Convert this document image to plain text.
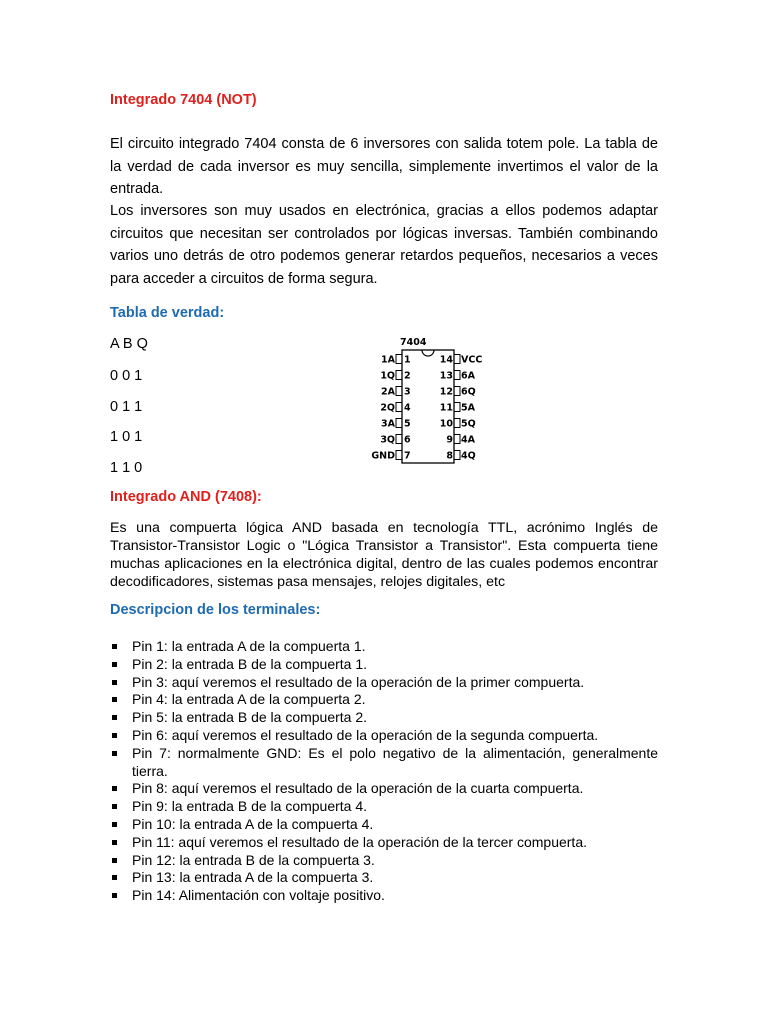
Integrado 7404 (NOT)
El circuito integrado 7404 consta de 6 inversores con salida totem pole. La tabla de la verdad de cada inversor es muy sencilla, simplemente invertimos el valor de la entrada.
Los inversores son muy usados en electrónica, gracias a ellos podemos adaptar circuitos que necesitan ser controlados por lógicas inversas. También combinando varios uno detrás de otro podemos generar retardos pequeños, necesarios a veces para acceder a circuitos de forma segura.
Tabla de verdad:
A B Q
0 0 1
0 1 1
1 0 1
1 1 0
7404
1A 1
1Q 2
2A 3
2Q 4
3A 5
3Q 6
GND 7
14 VCC
13 6A
12 6Q
11 5A
10 5Q
9 4A
8 4Q
Integrado AND (7408):
Es una compuerta lógica AND basada en tecnología TTL, acrónimo Inglés de Transistor-Transistor Logic o "Lógica Transistor a Transistor". Esta compuerta tiene muchas aplicaciones en la electrónica digital, dentro de las cuales podemos encontrar decodificadores, sistemas pasa mensajes, relojes digitales, etc
Descripcion de los terminales:
Pin 1: la entrada A de la compuerta 1.
Pin 2: la entrada B de la compuerta 1.
Pin 3: aquí veremos el resultado de la operación de la primer compuerta.
Pin 4: la entrada A de la compuerta 2.
Pin 5: la entrada B de la compuerta 2.
Pin 6: aquí veremos el resultado de la operación de la segunda compuerta.
Pin 7: normalmente GND: Es el polo negativo de la alimentación, generalmente tierra.
Pin 8: aquí veremos el resultado de la operación de la cuarta compuerta.
Pin 9: la entrada B de la compuerta 4.
Pin 10: la entrada A de la compuerta 4.
Pin 11: aquí veremos el resultado de la operación de la tercer compuerta.
Pin 12: la entrada B de la compuerta 3.
Pin 13: la entrada A de la compuerta 3.
Pin 14: Alimentación con voltaje positivo.
